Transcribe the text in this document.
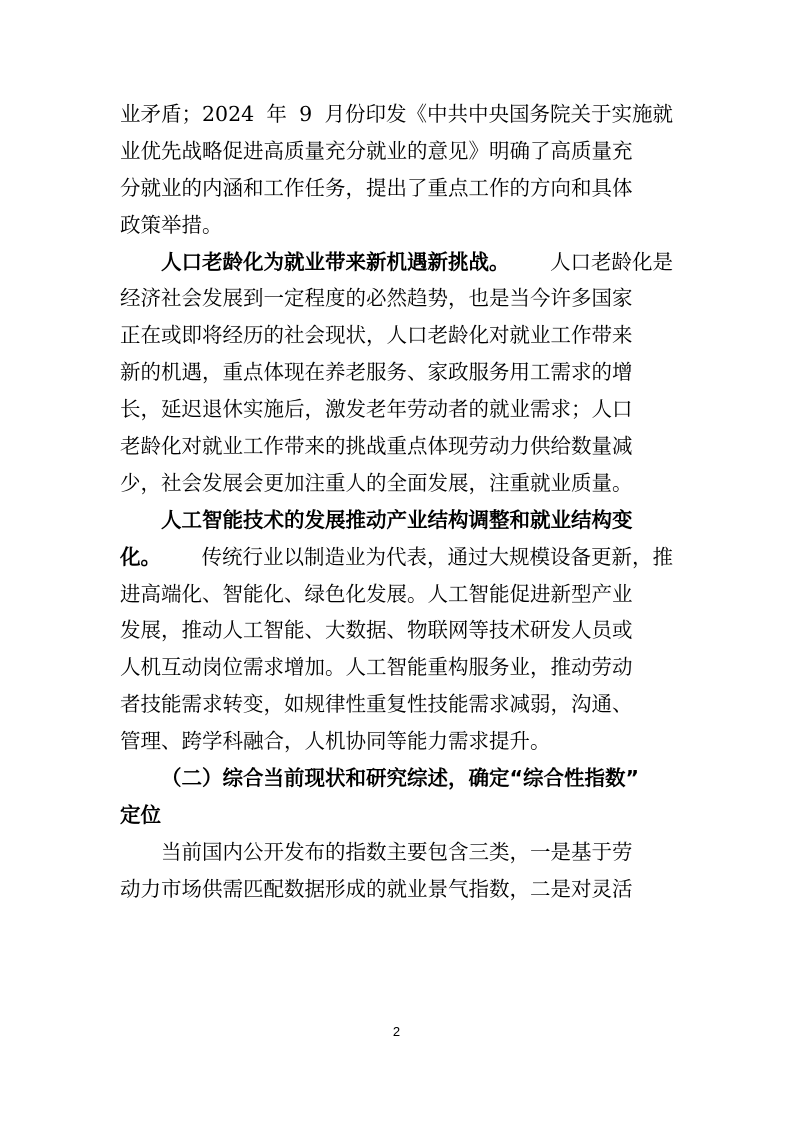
业矛盾；2024 年 9 月份印发《中共中央国务院关于实施就
业优先战略促进高质量充分就业的意见》明确了高质量充
分就业的内涵和工作任务，提出了重点工作的方向和具体
政策举措。
人口老龄化为就业带来新机遇新挑战。 人口老龄化是
经济社会发展到一定程度的必然趋势，也是当今许多国家
正在或即将经历的社会现状，人口老龄化对就业工作带来
新的机遇，重点体现在养老服务、家政服务用工需求的增
长，延迟退休实施后，激发老年劳动者的就业需求；人口
老龄化对就业工作带来的挑战重点体现劳动力供给数量减
少，社会发展会更加注重人的全面发展，注重就业质量。
人工智能技术的发展推动产业结构调整和就业结构变
化。 传统行业以制造业为代表，通过大规模设备更新，推
进高端化、智能化、绿色化发展。人工智能促进新型产业
发展，推动人工智能、大数据、物联网等技术研发人员或
人机互动岗位需求增加。人工智能重构服务业，推动劳动
者技能需求转变，如规律性重复性技能需求减弱，沟通、
管理、跨学科融合，人机协同等能力需求提升。
（二）综合当前现状和研究综述，确定“综合性指数”
定位
当前国内公开发布的指数主要包含三类，一是基于劳
动力市场供需匹配数据形成的就业景气指数，二是对灵活
2
